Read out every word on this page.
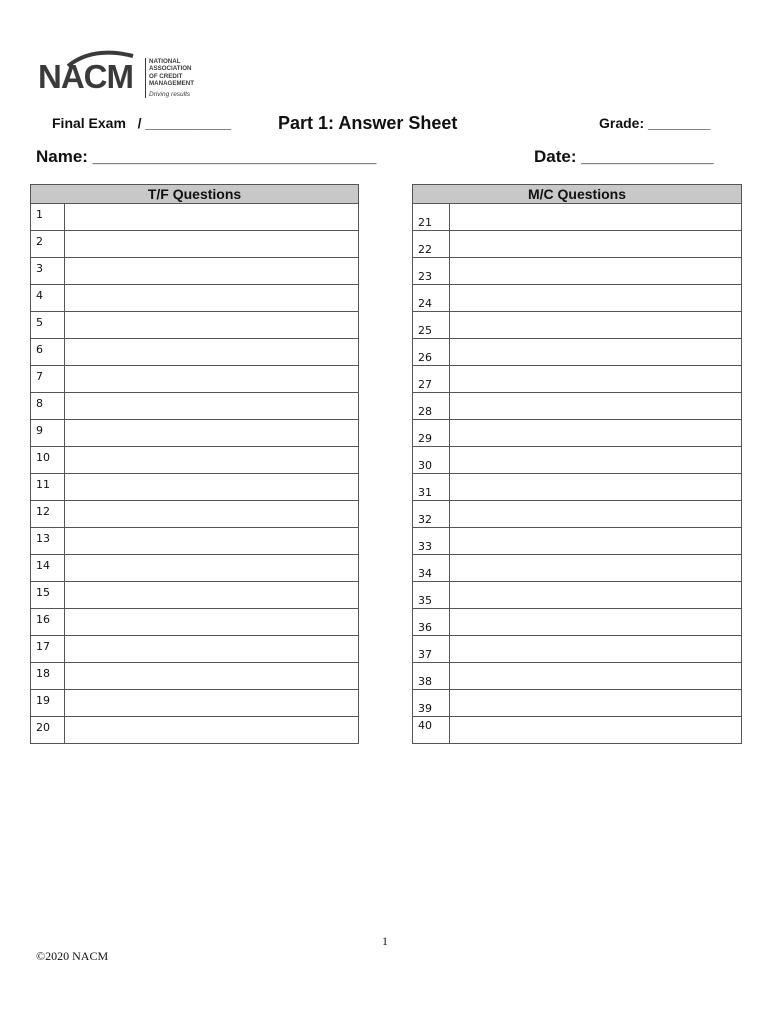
NACM	NATIONAL
ASSOCIATION
OF CREDIT
MANAGEMENT
Driving results
Final Exam   / ___________	Part 1: Answer Sheet	Grade: ________
Name: ______________________________	Date: ______________
T/F Questions
1
2
3
4
5
6
7
8
9
10
11
12
13
14
15
16
17
18
19
20
M/C Questions
21
22
23
24
25
26
27
28
29
30
31
32
33
34
35
36
37
38
39
40
1
©2020 NACM
